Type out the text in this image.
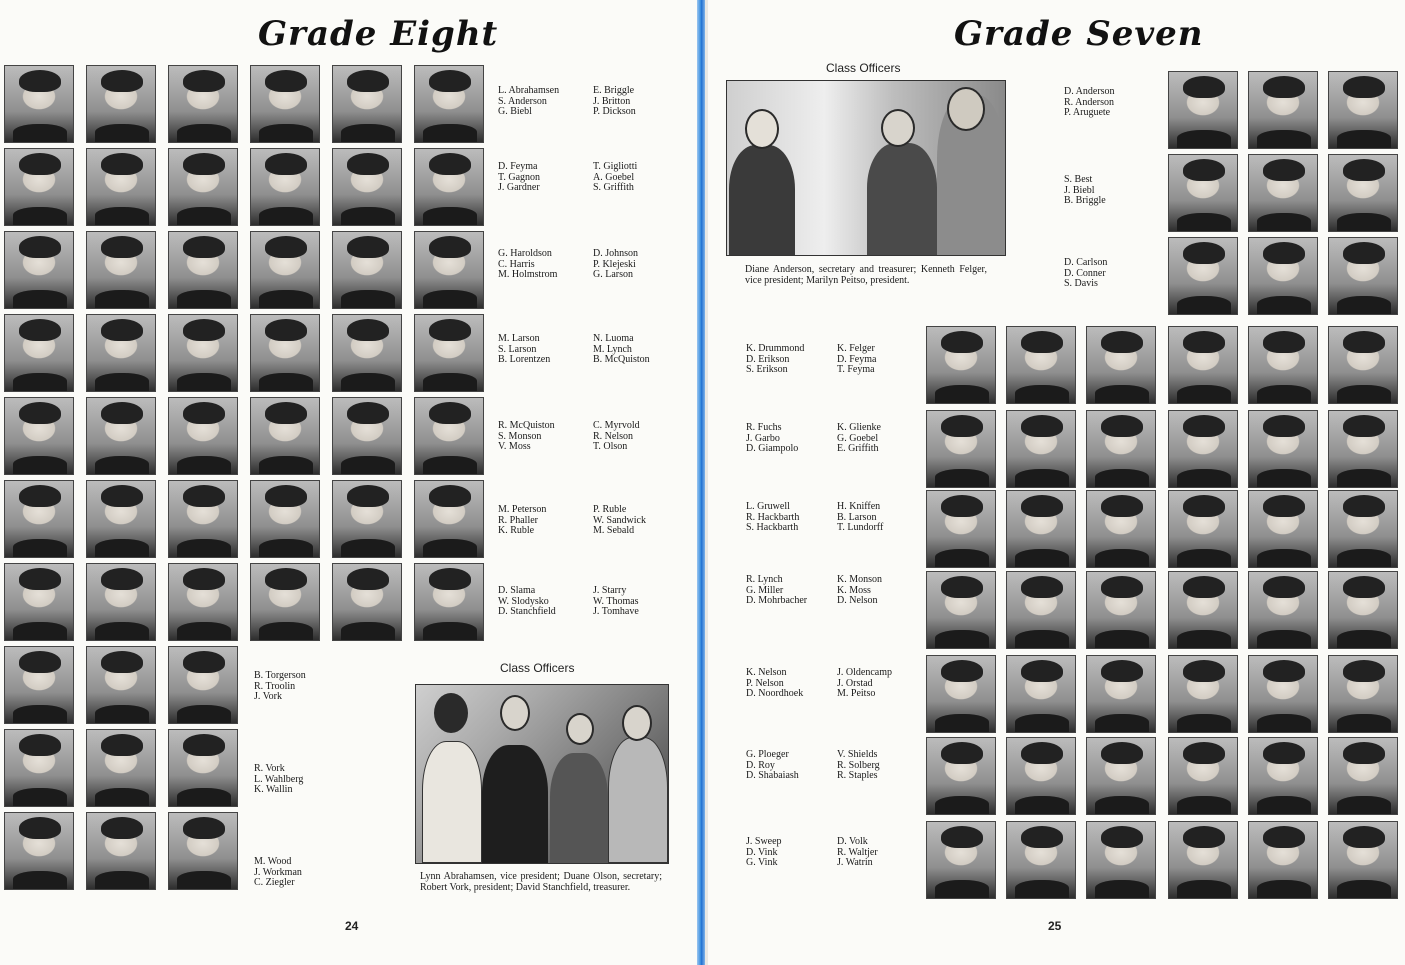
Grade Eight
L. Abrahamsen
S. Anderson
G. Biebl
E. Briggle
J. Britton
P. Dickson
D. Feyma
T. Gagnon
J. Gardner
T. Gigliotti
A. Goebel
S. Griffith
G. Haroldson
C. Harris
M. Holmstrom
D. Johnson
P. Klejeski
G. Larson
M. Larson
S. Larson
B. Lorentzen
N. Luoma
M. Lynch
B. McQuiston
R. McQuiston
S. Monson
V. Moss
C. Myrvold
R. Nelson
T. Olson
M. Peterson
R. Phaller
K. Ruble
P. Ruble
W. Sandwick
M. Sebald
D. Slama
W. Slodysko
D. Stanchfield
J. Starry
W. Thomas
J. Tomhave
B. Torgerson
R. Troolin
J. Vork
R. Vork
L. Wahlberg
K. Wallin
M. Wood
J. Workman
C. Ziegler
Class Officers
Lynn Abrahamsen, vice president; Duane Olson, secretary; Robert Vork, president; David Stanchfield, treasurer.
24
Grade Seven
Class Officers
Diane Anderson, secretary and treasurer; Kenneth Felger, vice president; Marilyn Peitso, president.
D. Anderson
R. Anderson
P. Aruguete
S. Best
J. Biebl
B. Briggle
D. Carlson
D. Conner
S. Davis
K. Drummond
D. Erikson
S. Erikson
K. Felger
D. Feyma
T. Feyma
R. Fuchs
J. Garbo
D. Giampolo
K. Glienke
G. Goebel
E. Griffith
L. Gruwell
R. Hackbarth
S. Hackbarth
H. Kniffen
B. Larson
T. Lundorff
R. Lynch
G. Miller
D. Mohrbacher
K. Monson
K. Moss
D. Nelson
K. Nelson
P. Nelson
D. Noordhoek
J. Oldencamp
J. Orstad
M. Peitso
G. Ploeger
D. Roy
D. Shabaiash
V. Shields
R. Solberg
R. Staples
J. Sweep
D. Vink
G. Vink
D. Volk
R. Waltjer
J. Watrin
25
